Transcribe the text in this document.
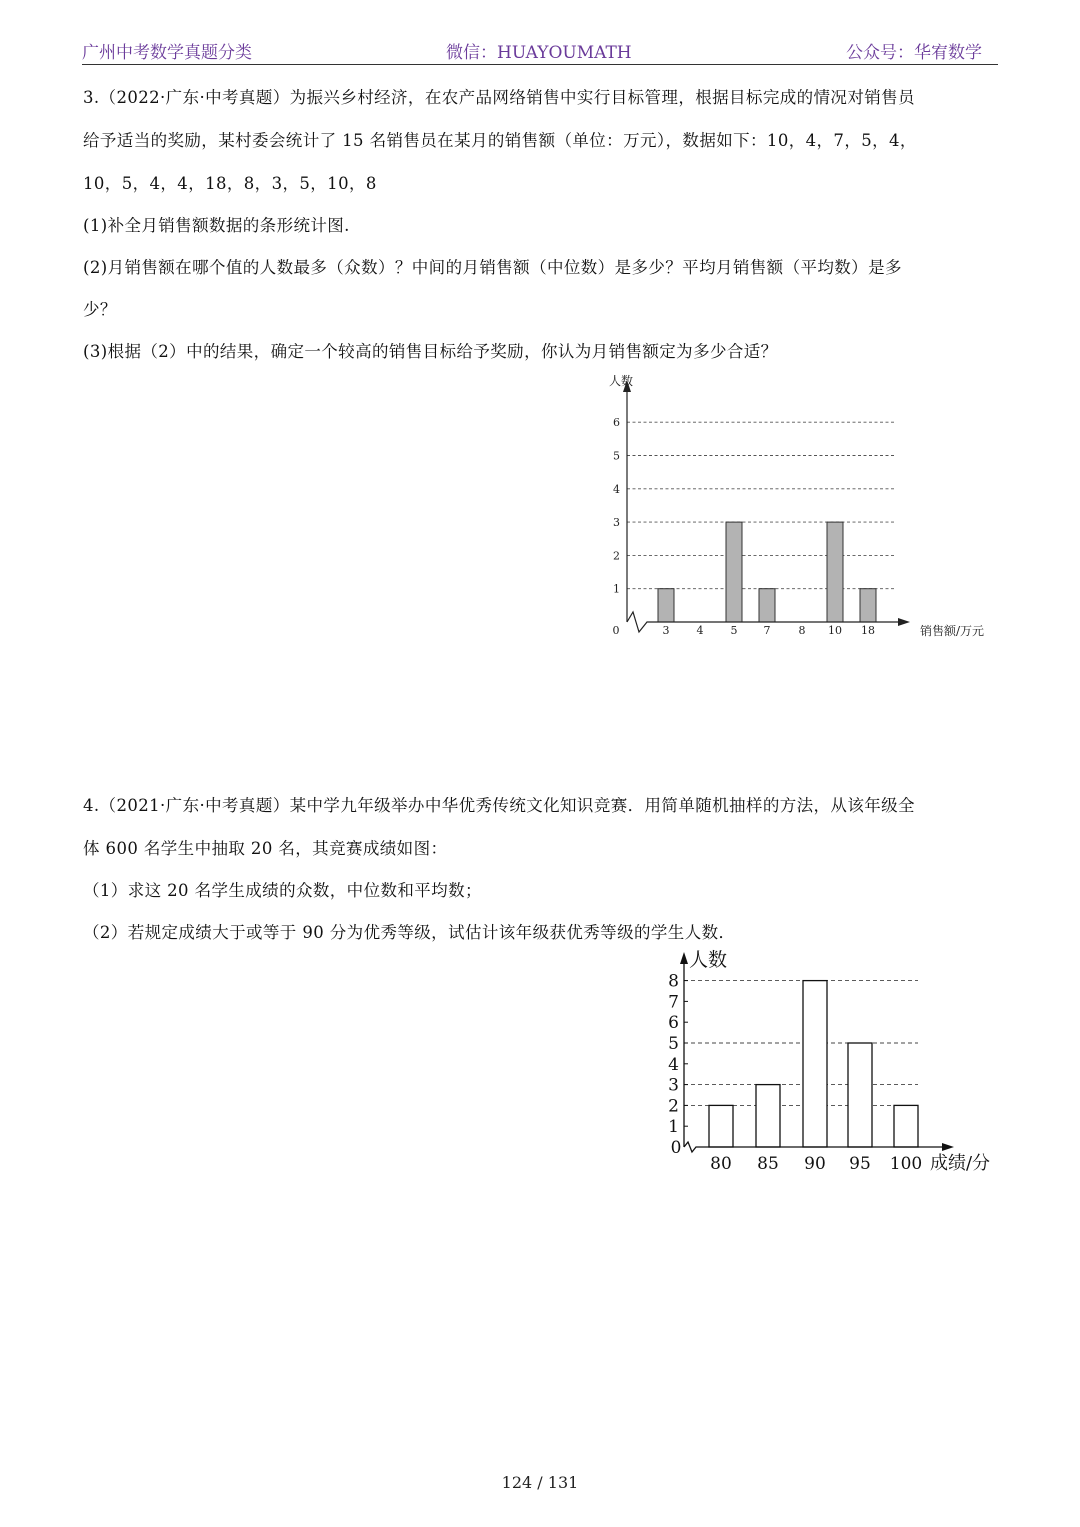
广州中考数学真题分类	微信：HUAYOUMATH	公众号：华宥数学
3.（2022·广东·中考真题）为振兴乡村经济，在农产品网络销售中实行目标管理，根据目标完成的情况对销售员
给予适当的奖励，某村委会统计了 15 名销售员在某月的销售额（单位：万元），数据如下：10，4，7，5，4，
10，5，4，4，18，8，3，5，10，8
(1)补全月销售额数据的条形统计图.
(2)月销售额在哪个值的人数最多（众数）？中间的月销售额（中位数）是多少？平均月销售额（平均数）是多
少？
(3)根据（2）中的结果，确定一个较高的销售目标给予奖励，你认为月销售额定为多少合适？
1
2
3
4
5
6
3 4 5 7	8 10 18
0
人数
销售额/万元
4.（2021·广东·中考真题）某中学九年级举办中华优秀传统文化知识竞赛．用简单随机抽样的方法，从该年级全
体 600 名学生中抽取 20 名，其竞赛成绩如图：
（1）求这 20 名学生成绩的众数，中位数和平均数；
（2）若规定成绩大于或等于 90 分为优秀等级，试估计该年级获优秀等级的学生人数．
1
2
3
4
5
6
7
8
80 85 90 95 100
0
人数
成绩/分
124 / 131
